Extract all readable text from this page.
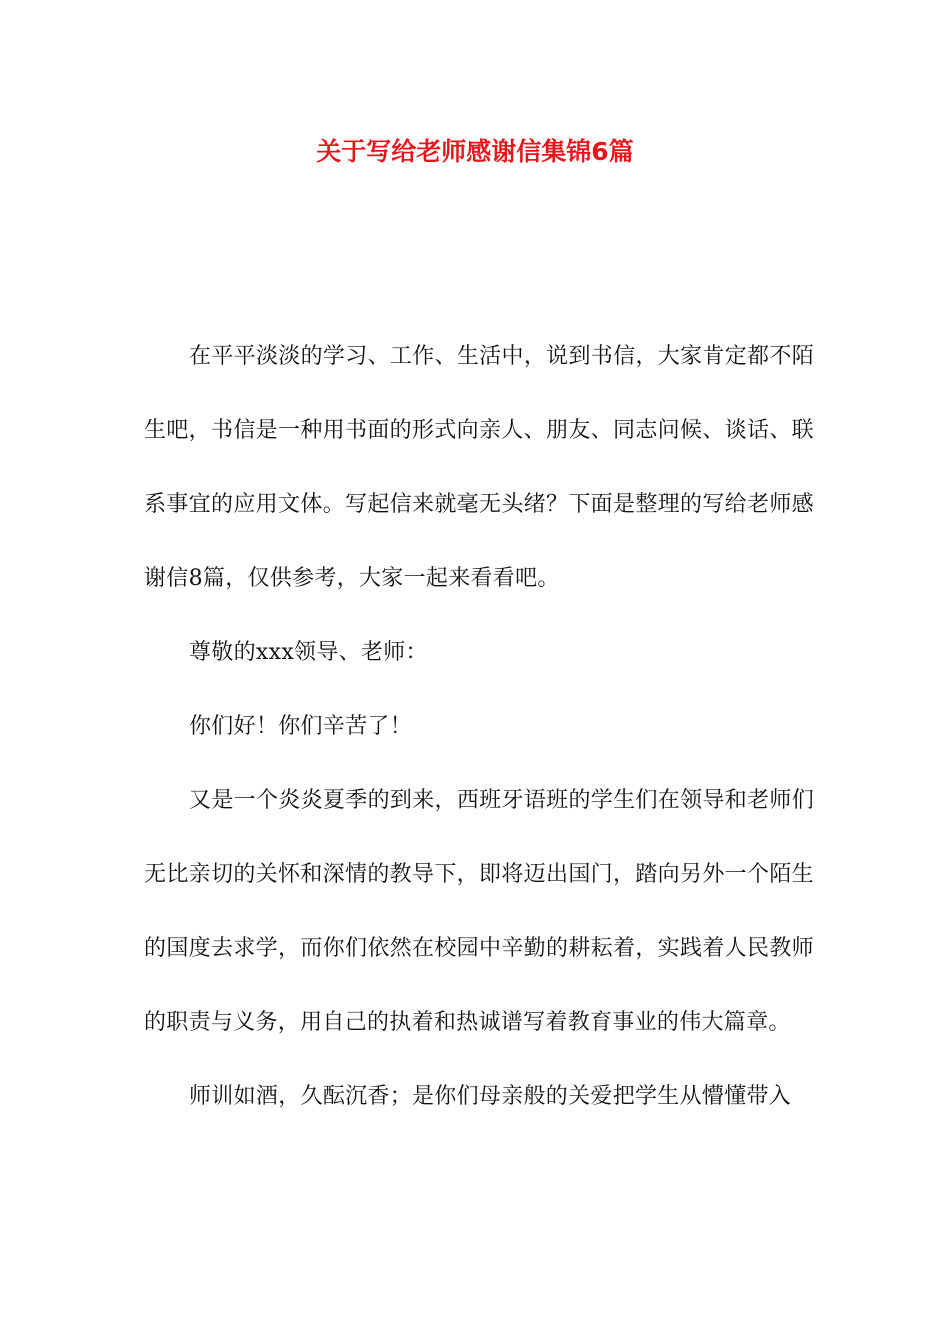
关于写给老师感谢信集锦6篇

在平平淡淡的学习、工作、生活中，说到书信，大家肯定都不陌生吧，书信是一种用书面的形式向亲人、朋友、同志问候、谈话、联系事宜的应用文体。写起信来就毫无头绪？下面是整理的写给老师感谢信8篇，仅供参考，大家一起来看看吧。

尊敬的xxx领导、老师：

你们好！你们辛苦了！

又是一个炎炎夏季的到来，西班牙语班的学生们在领导和老师们无比亲切的关怀和深情的教导下，即将迈出国门，踏向另外一个陌生的国度去求学，而你们依然在校园中辛勤的耕耘着，实践着人民教师的职责与义务，用自己的执着和热诚谱写着教育事业的伟大篇章。

师训如酒，久酝沉香；是你们母亲般的关爱把学生从懵懂带入
